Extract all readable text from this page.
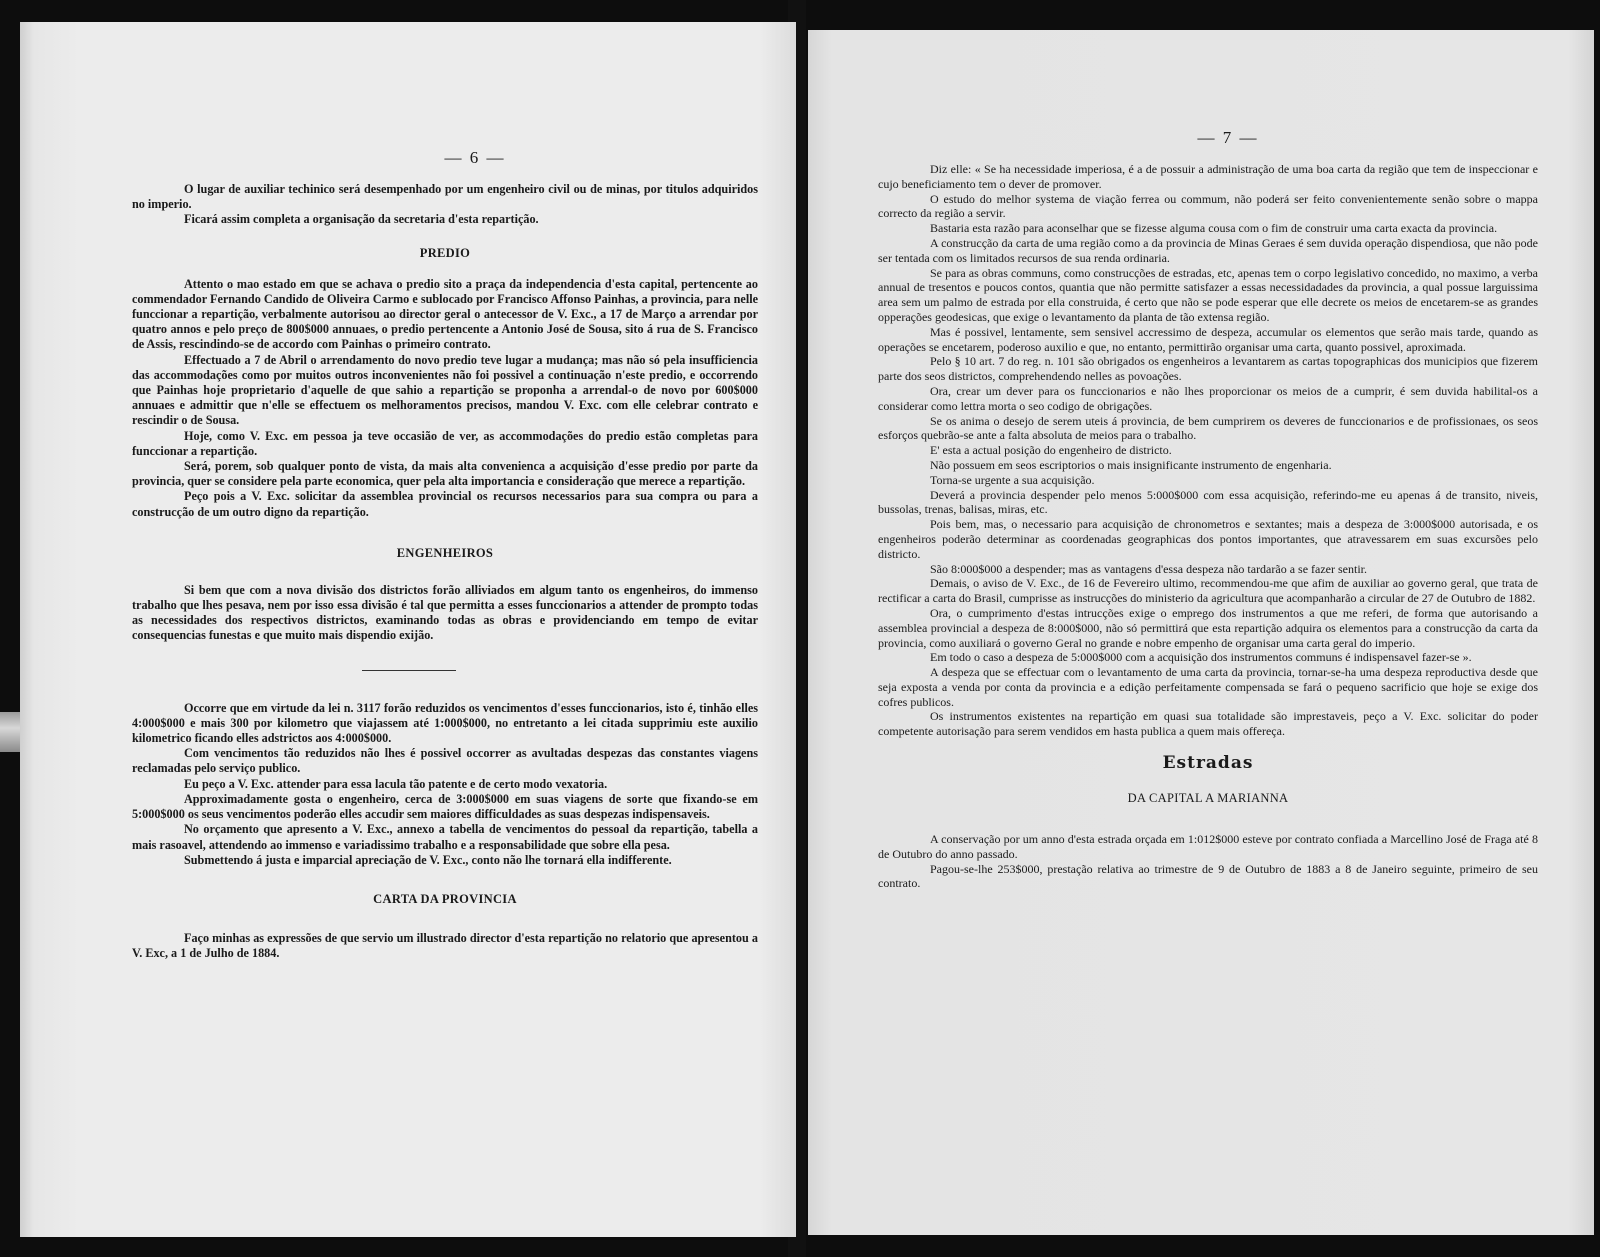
— 6 —

O lugar de auxiliar techinico será desempenhado por um engenheiro civil ou de minas, por titulos adquiridos no imperio.

Ficará assim completa a organisação da secretaria d'esta repartição.

PREDIO

Attento o mao estado em que se achava o predio sito a praça da independencia d'esta capital, pertencente ao commendador Fernando Candido de Oliveira Carmo e sublocado por Francisco Affonso Painhas, a provincia, para nelle funccionar a repartição, verbalmente autorisou ao director geral o antecessor de V. Exc., a 17 de Março a arrendar por quatro annos e pelo preço de 800$000 annuaes, o predio pertencente a Antonio José de Sousa, sito á rua de S. Francisco de Assis, rescindindo-se de accordo com Painhas o primeiro contrato.

Effectuado a 7 de Abril o arrendamento do novo predio teve lugar a mudança; mas não só pela insufficiencia das accommodações como por muitos outros inconvenientes não foi possivel a continuação n'este predio, e occorrendo que Painhas hoje proprietario d'aquelle de que sahio a repartição se proponha a arrendal-o de novo por 600$000 annuaes e admittir que n'elle se effectuem os melhoramentos precisos, mandou V. Exc. com elle celebrar contrato e rescindir o de Sousa.

Hoje, como V. Exc. em pessoa ja teve occasião de ver, as accommodações do predio estão completas para funccionar a repartição.

Será, porem, sob qualquer ponto de vista, da mais alta convenienca a acquisição d'esse predio por parte da provincia, quer se considere pela parte economica, quer pela alta importancia e consideração que merece a repartição.

Peço pois a V. Exc. solicitar da assemblea provincial os recursos necessarios para sua compra ou para a construcção de um outro digno da repartição.

ENGENHEIROS

Si bem que com a nova divisão dos districtos forão alliviados em algum tanto os engenheiros, do immenso trabalho que lhes pesava, nem por isso essa divisão é tal que permitta a esses funccionarios a attender de prompto todas as necessidades dos respectivos districtos, examinando todas as obras e providenciando em tempo de evitar consequencias funestas e que muito mais dispendio exijão.

Occorre que em virtude da lei n. 3117 forão reduzidos os vencimentos d'esses funccionarios, isto é, tinhão elles 4:000$000 e mais 300 por kilometro que viajassem até 1:000$000, no entretanto a lei citada supprimiu este auxilio kilometrico ficando elles adstrictos aos 4:000$000.

Com vencimentos tão reduzidos não lhes é possivel occorrer as avultadas despezas das constantes viagens reclamadas pelo serviço publico.

Eu peço a V. Exc. attender para essa lacula tão patente e de certo modo vexatoria.

Approximadamente gosta o engenheiro, cerca de 3:000$000 em suas viagens de sorte que fixando-se em 5:000$000 os seus vencimentos poderão elles accudir sem maiores difficuldades as suas despezas indispensaveis.

No orçamento que apresento a V. Exc., annexo a tabella de vencimentos do pessoal da repartição, tabella a mais rasoavel, attendendo ao immenso e variadissimo trabalho e a responsabilidade que sobre ella pesa.

Submettendo á justa e imparcial apreciação de V. Exc., conto não lhe tornará ella indifferente.

CARTA DA PROVINCIA

Faço minhas as expressões de que servio um illustrado director d'esta repartição no relatorio que apresentou a V. Exc, a 1 de Julho de 1884.

— 7 —

Diz elle: « Se ha necessidade imperiosa, é a de possuir a administração de uma boa carta da região que tem de inspeccionar e cujo beneficiamento tem o dever de promover.

O estudo do melhor systema de viação ferrea ou commum, não poderá ser feito convenientemente senão sobre o mappa correcto da região a servir.

Bastaria esta razão para aconselhar que se fizesse alguma cousa com o fim de construir uma carta exacta da provincia.

A construcção da carta de uma região como a da provincia de Minas Geraes é sem duvida operação dispendiosa, que não pode ser tentada com os limitados recursos de sua renda ordinaria.

Se para as obras communs, como construcções de estradas, etc, apenas tem o corpo legislativo concedido, no maximo, a verba annual de tresentos e poucos contos, quantia que não permitte satisfazer a essas necessidadades da provincia, a qual possue larguissima area sem um palmo de estrada por ella construida, é certo que não se pode esperar que elle decrete os meios de encetarem-se as grandes opperações geodesicas, que exige o levantamento da planta de tão extensa região.

Mas é possivel, lentamente, sem sensivel accressimo de despeza, accumular os elementos que serão mais tarde, quando as operações se encetarem, poderoso auxilio e que, no entanto, permittirão organisar uma carta, quanto possivel, aproximada.

Pelo § 10 art. 7 do reg. n. 101 são obrigados os engenheiros a levantarem as cartas topographicas dos municipios que fizerem parte dos seos districtos, comprehendendo nelles as povoações.

Ora, crear um dever para os funccionarios e não lhes proporcionar os meios de a cumprir, é sem duvida habilital-os a considerar como lettra morta o seo codigo de obrigações.

Se os anima o desejo de serem uteis á provincia, de bem cumprirem os deveres de funccionarios e de profissionaes, os seos esforços quebrão-se ante a falta absoluta de meios para o trabalho.

E' esta a actual posição do engenheiro de districto.

Não possuem em seos escriptorios o mais insignificante instrumento de engenharia.

Torna-se urgente a sua acquisição.

Deverá a provincia despender pelo menos 5:000$000 com essa acquisição, referindo-me eu apenas á de transito, niveis, bussolas, trenas, balisas, miras, etc.

Pois bem, mas, o necessario para acquisição de chronometros e sextantes; mais a despeza de 3:000$000 autorisada, e os engenheiros poderão determinar as coordenadas geographicas dos pontos importantes, que atravessarem em suas excursões pelo districto.

São 8:000$000 a despender; mas as vantagens d'essa despeza não tardarão a se fazer sentir.

Demais, o aviso de V. Exc., de 16 de Fevereiro ultimo, recommendou-me que afim de auxiliar ao governo geral, que trata de rectificar a carta do Brasil, cumprisse as instrucções do ministerio da agricultura que acompanharão a circular de 27 de Outubro de 1882.

Ora, o cumprimento d'estas intrucções exige o emprego dos instrumentos a que me referi, de forma que autorisando a assemblea provincial a despeza de 8:000$000, não só permittirá que esta repartição adquira os elementos para a construcção da carta da provincia, como auxiliará o governo Geral no grande e nobre empenho de organisar uma carta geral do imperio.

Em todo o caso a despeza de 5:000$000 com a acquisição dos instrumentos communs é indispensavel fazer-se ».

A despeza que se effectuar com o levantamento de uma carta da provincia, tornar-se-ha uma despeza reproductiva desde que seja exposta a venda por conta da provincia e a edição perfeitamente compensada se fará o pequeno sacrificio que hoje se exige dos cofres publicos.

Os instrumentos existentes na repartição em quasi sua totalidade são imprestaveis, peço a V. Exc. solicitar do poder competente autorisação para serem vendidos em hasta publica a quem mais offereça.

Estradas
DA CAPITAL A MARIANNA

A conservação por um anno d'esta estrada orçada em 1:012$000 esteve por contrato confiada a Marcellino José de Fraga até 8 de Outubro do anno passado.

Pagou-se-lhe 253$000, prestação relativa ao trimestre de 9 de Outubro de 1883 a 8 de Janeiro seguinte, primeiro de seu contrato.
